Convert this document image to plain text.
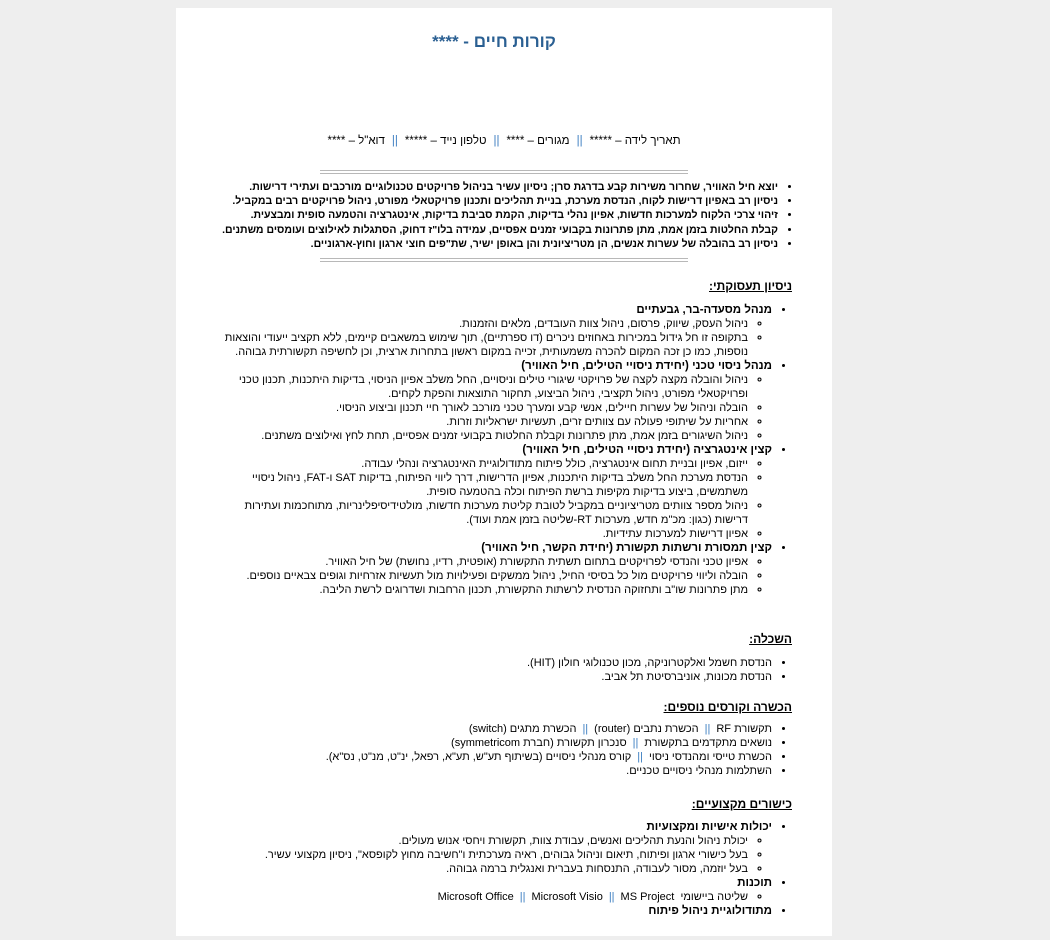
קורות חיים - ****
תאריך לידה – *****||מגורים – ****||טלפון נייד – *****||דוא"ל – ****
• יוצא חיל האוויר, שחרור משירות קבע בדרגת סרן; ניסיון עשיר בניהול פרויקטים טכנולוגיים מורכבים ועתירי דרישות.
• ניסיון רב באפיון דרישות לקוח, הנדסת מערכת, בניית תהליכים ותכנון פרויקטאלי מפורט, ניהול פרויקטים רבים במקביל.
• זיהוי צרכי הלקוח למערכות חדשות, אפיון נהלי בדיקות, הקמת סביבת בדיקות, אינטגרציה והטמעה סופית ומבצעית.
• קבלת החלטות בזמן אמת, מתן פתרונות בקבועי זמנים אפסיים, עמידה בלו"ז דחוק, הסתגלות לאילוצים ועומסים משתנים.
• ניסיון רב בהובלה של עשרות אנשים, הן מטריציונית והן באופן ישיר, שת"פים חוצי ארגון וחוץ-ארגוניים.
ניסיון תעסוקתי:
• מנהל מסעדה-בר, גבעתיים
◦ ניהול העסק, שיווק, פרסום, ניהול צוות העובדים, מלאים והזמנות.
◦ בתקופה זו חל גידול במכירות באחוזים ניכרים (דו ספרתיים), תוך שימוש במשאבים קיימים, ללא תקציב ייעודי והוצאות נוספות, כמו כן זכה המקום להכרה משמעותית, זכייה במקום ראשון בתחרות ארצית, וכן לחשיפה תקשורתית גבוהה.
• מנהל ניסוי טכני (יחידת ניסויי הטילים, חיל האוויר)
◦ ניהול והובלה מקצה לקצה של פרויקטי שיגורי טילים וניסויים, החל משלב אפיון הניסוי, בדיקות היתכנות, תכנון טכני ופרויקטאלי מפורט, ניהול תקציבי, ניהול הביצוע, תחקור התוצאות והפקת לקחים.
◦ הובלה וניהול של עשרות חיילים, אנשי קבע ומערך טכני מורכב לאורך חיי תכנון וביצוע הניסוי.
◦ אחריות על שיתופי פעולה עם צוותים זרים, תעשיות ישראליות וזרות.
◦ ניהול השיגורים בזמן אמת, מתן פתרונות וקבלת החלטות בקבועי זמנים אפסיים, תחת לחץ ואילוצים משתנים.
• קצין אינטגרציה (יחידת ניסויי הטילים, חיל האוויר)
◦ ייזום, אפיון ובניית תחום אינטגרציה, כולל פיתוח מתודולוגיית האינטגרציה ונהלי עבודה.
◦ הנדסת מערכת החל משלב בדיקות היתכנות, אפיון הדרישות, דרך ליווי הפיתוח, בדיקות SAT ו-FAT, ניהול ניסויי משתמשים, ביצוע בדיקות מקיפות ברשת הפיתוח וכלה בהטמעה סופית.
◦ ניהול מספר צוותים מטריציוניים במקביל לטובת קליטת מערכות חדשות, מולטידיסיפלינריות, מתוחכמות ועתירות דרישות (כגון: מכ"מ חדש, מערכות RT-שליטה בזמן אמת ועוד).
◦ אפיון דרישות למערכות עתידיות.
• קצין תמסורת ורשתות תקשורת (יחידת הקשר, חיל האוויר)
◦ אפיון טכני והנדסי לפרויקטים בתחום תשתית התקשורת (אופטית, רדיו, נחושת) של חיל האוויר.
◦ הובלה וליווי פרויקטים מול כל בסיסי החיל, ניהול ממשקים ופעילויות מול תעשיות אזרחיות וגופים צבאיים נוספים.
◦ מתן פתרונות שו"ב ותחזוקה הנדסית לרשתות התקשורת, תכנון הרחבות ושדרוגים לרשת הליבה.
השכלה:
• הנדסת חשמל ואלקטרוניקה, מכון טכנולוגי חולון (HIT).
• הנדסת מכונות, אוניברסיטת תל אביב.
הכשרה וקורסים נוספים:
• תקשורת RF||הכשרת נתבים (router)||הכשרת מתגים (switch)
• נושאים מתקדמים בתקשורת||סנכרון תקשורת (חברת symmetricom)
• הכשרת טייסי ומהנדסי ניסוי||קורס מנהלי ניסויים (בשיתוף תע"ש, תע"א, רפאל, ינ"ט, מנ"ט, נס"א).
• השתלמות מנהלי ניסויים טכניים.
כישורים מקצועיים:
• יכולות אישיות ומקצועיות
◦ יכולת ניהול והנעת תהליכים ואנשים, עבודת צוות, תקשורת ויחסי אנוש מעולים.
◦ בעל כישורי ארגון ופיתוח, תיאום וניהול גבוהים, ראיה מערכתית ו"חשיבה מחוץ לקופסא", ניסיון מקצועי עשיר.
◦ בעל יוזמה, מסור לעבודה, התנסחות בעברית ואנגלית ברמה גבוהה.
• תוכנות
◦ שליטה ביישומי  Microsoft Office || Microsoft Visio || MS Project
• מתודולוגיית ניהול פיתוח
